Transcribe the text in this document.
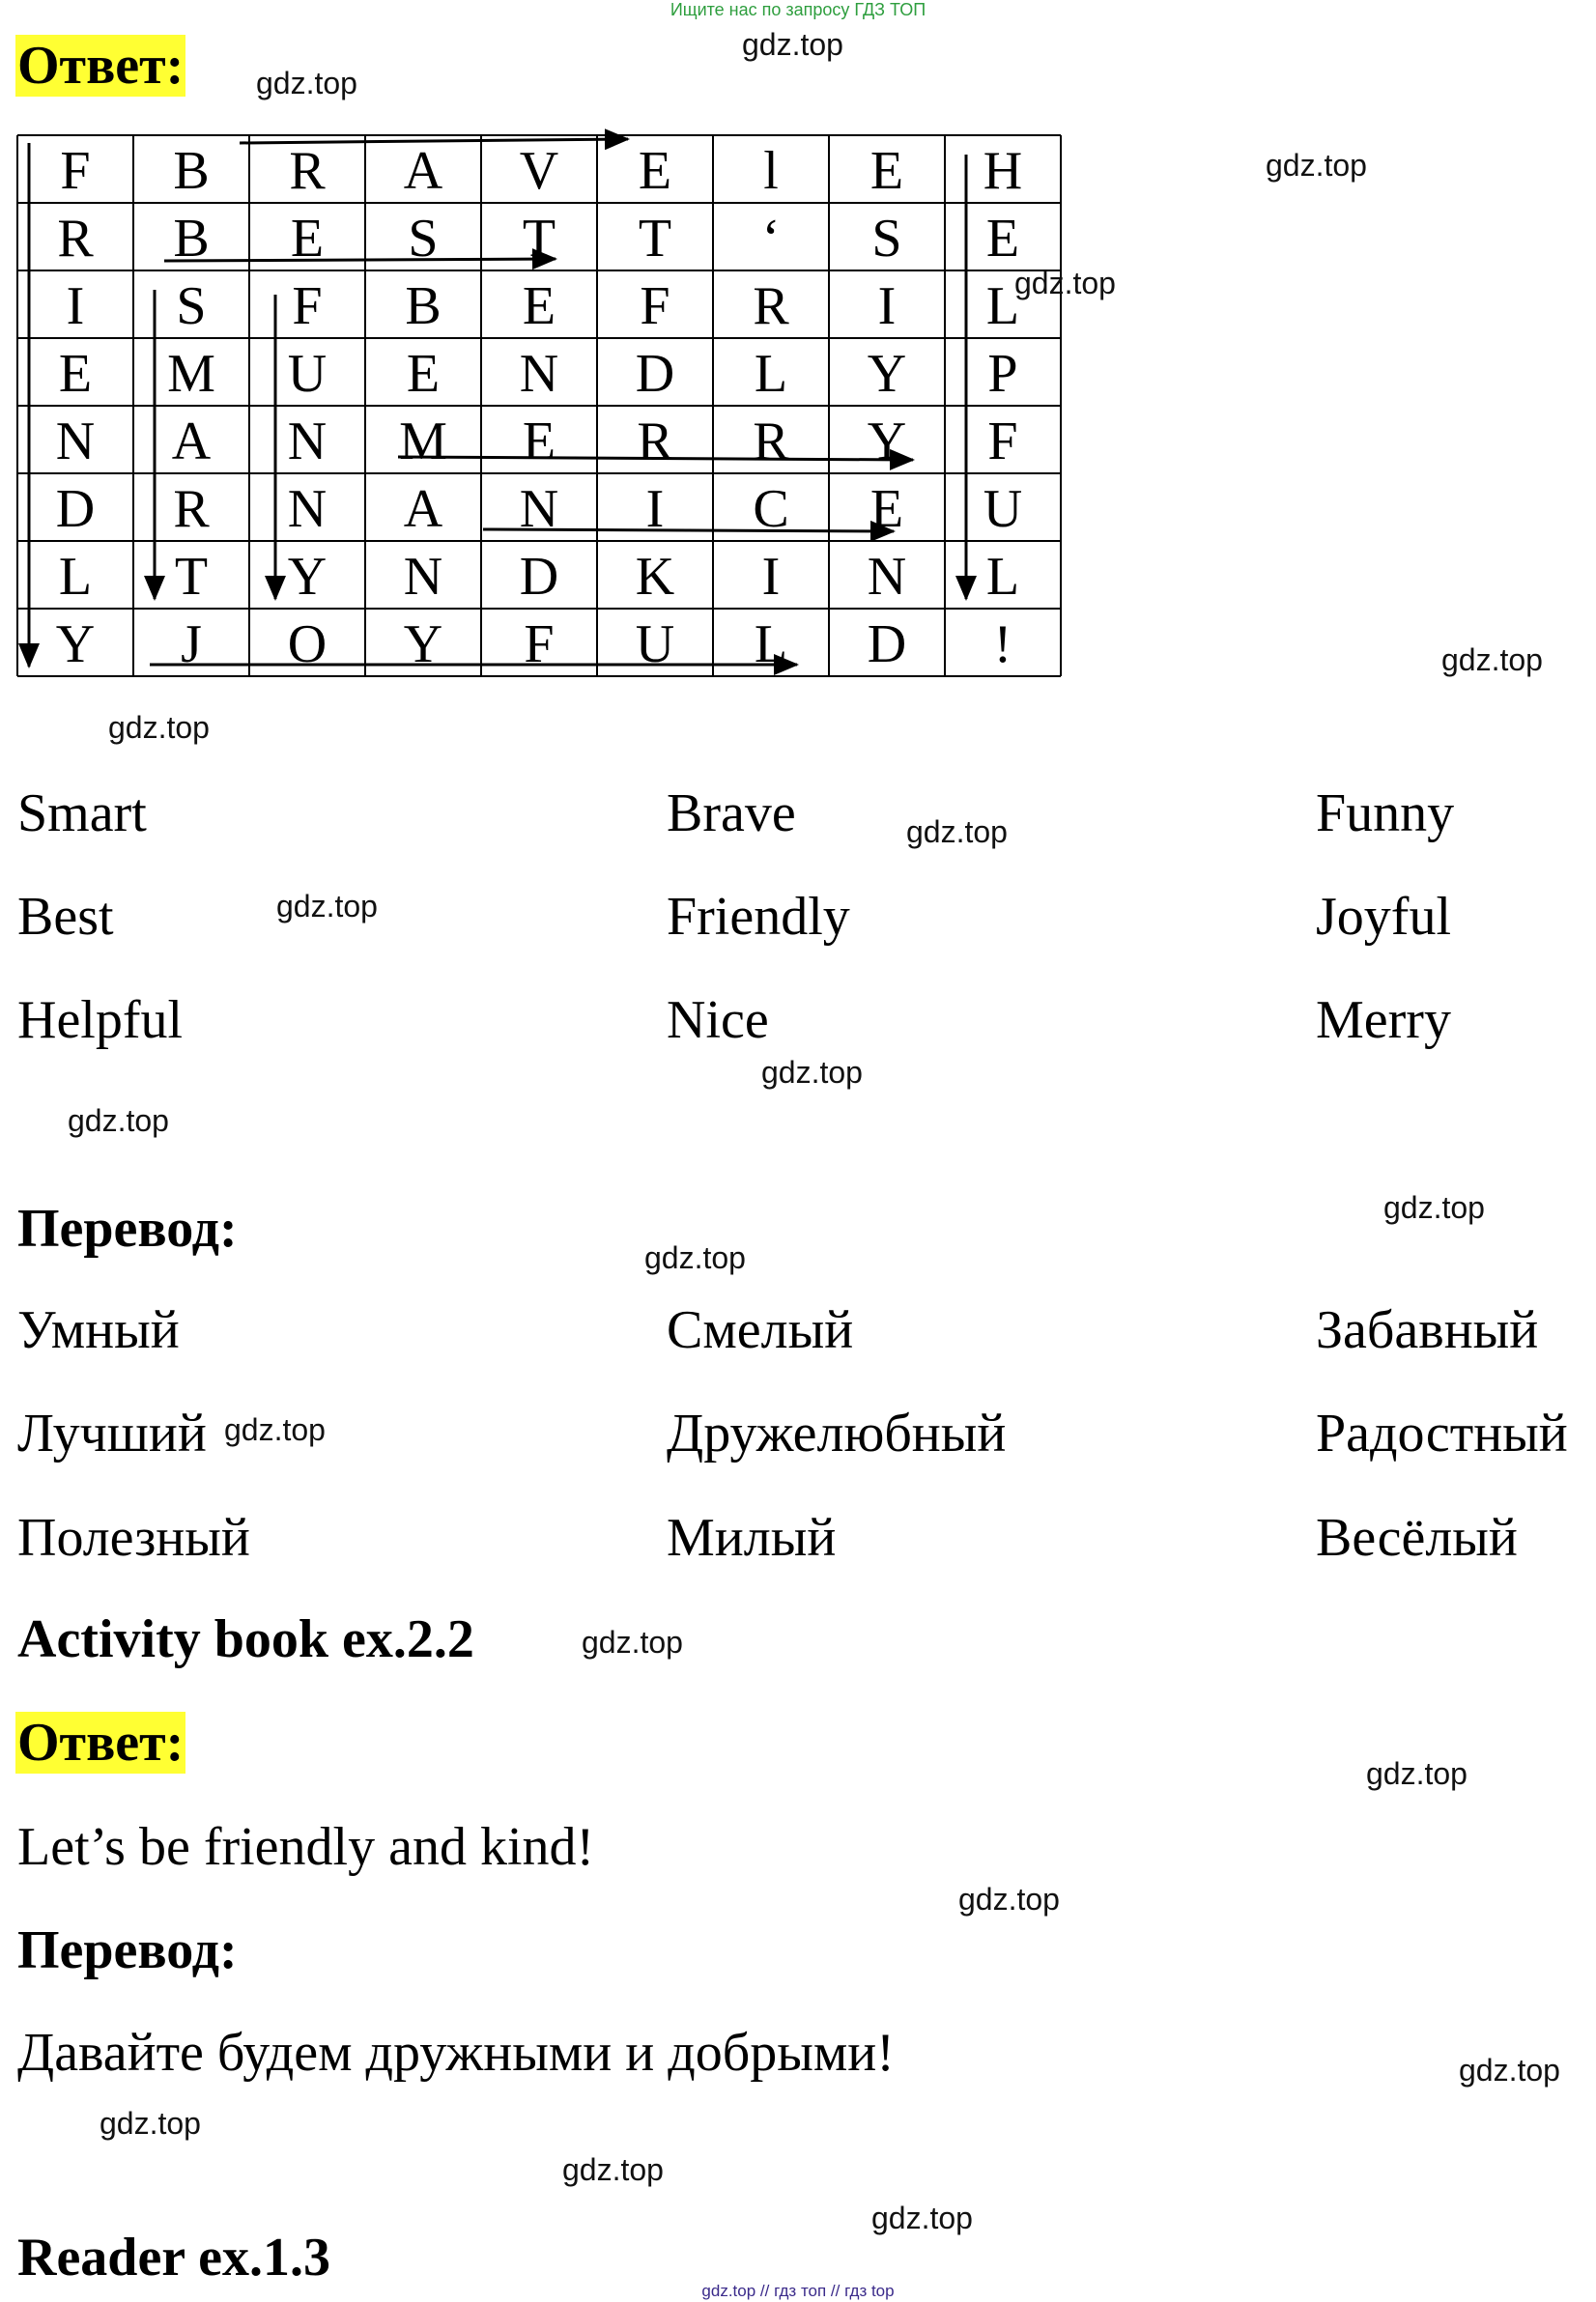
Ищите нас по запросу ГДЗ ТОП
Ответ:
F B R A V E l E H
R B E S T T ‘ S E
I S F B E F R I L
E M U E N D L Y P
N A N M E R R Y F
D R N A N I C E U
L T Y N D K I N L
Y J O Y F U L D !
Smart
Best
Helpful
Brave
Friendly
Nice
Funny
Joyful
Merry
Перевод:
Умный
Лучший
Полезный
Смелый
Дружелюбный
Милый
Забавный
Радостный
Весёлый
Activity book ex.2.2
Ответ:
Let’s be friendly and kind!
Перевод:
Давайте будем дружными и добрыми!
Reader ex.1.3
gdz.top
gdz.top
gdz.top
gdz.top
gdz.top
gdz.top
gdz.top
gdz.top
gdz.top
gdz.top
gdz.top
gdz.top
gdz.top
gdz.top
gdz.top
gdz.top
gdz.top
gdz.top
gdz.top
gdz.top
gdz.top // гдз топ // гдз top
